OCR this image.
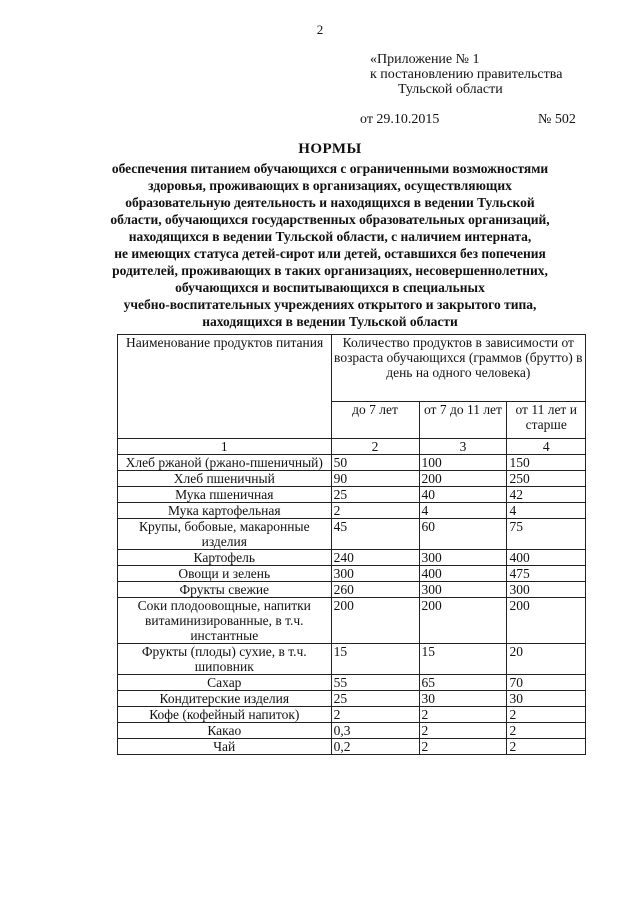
2
«Приложение № 1
к постановлению правительства
Тульской области
от 29.10.2015	№ 502
НОРМЫ
обеспечения питанием обучающихся с ограниченными возможностями
здоровья, проживающих в организациях, осуществляющих
образовательную деятельность и находящихся в ведении Тульской
области, обучающихся государственных образовательных организаций,
находящихся в ведении Тульской области, с наличием интерната,
не имеющих статуса детей-сирот или детей, оставшихся без попечения
родителей, проживающих в таких организациях, несовершеннолетних,
обучающихся и воспитывающихся в специальных
учебно-воспитательных учреждениях открытого и закрытого типа,
находящихся в ведении Тульской области
Наименование продуктов питания	Количество продуктов в зависимости от возраста обучающихся (граммов (брутто) в день на одного человека)		
	до 7 лет	от 7 до 11 лет	от 11 лет и старше
1	2	3	4
Хлеб ржаной (ржано-пшеничный)	50	100	150
Хлеб пшеничный	90	200	250
Мука пшеничная	25	40	42
Мука картофельная	2	4	4
Крупы, бобовые, макаронные изделия	45	60	75
Картофель	240	300	400
Овощи и зелень	300	400	475
Фрукты свежие	260	300	300
Соки плодоовощные, напитки витаминизированные, в т.ч. инстантные	200	200	200
Фрукты (плоды) сухие, в т.ч. шиповник	15	15	20
Сахар	55	65	70
Кондитерские изделия	25	30	30
Кофе (кофейный напиток)	2	2	2
Какао	0,3	2	2
Чай	0,2	2	2
